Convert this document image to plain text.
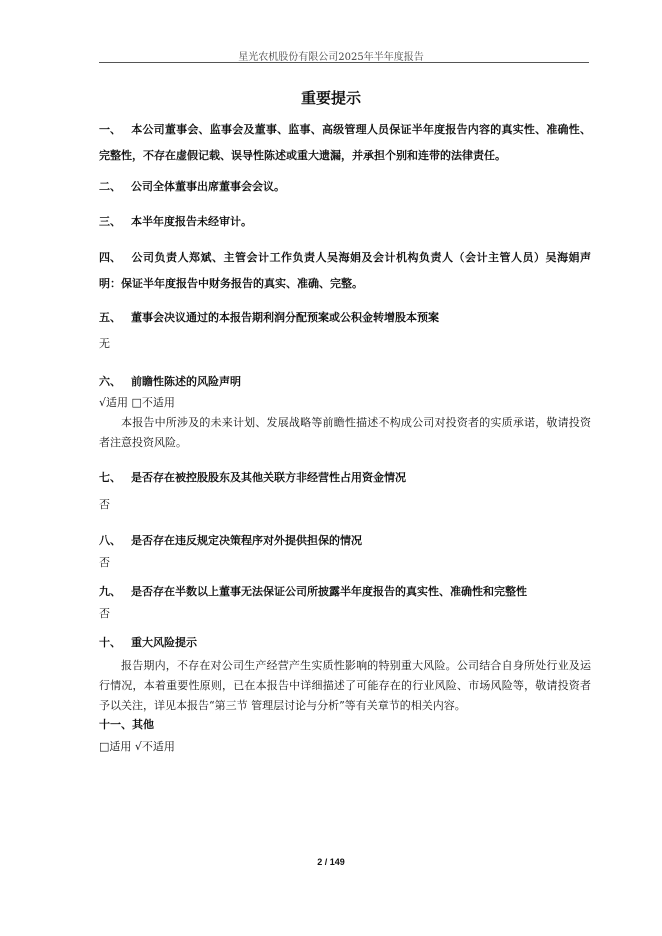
星光农机股份有限公司2025年半年度报告
重要提示
一、 本公司董事会、监事会及董事、监事、高级管理人员保证半年度报告内容的真实性、准确性、完整性，不存在虚假记载、误导性陈述或重大遗漏，并承担个别和连带的法律责任。
二、 公司全体董事出席董事会会议。
三、 本半年度报告未经审计。
四、 公司负责人郑斌、主管会计工作负责人吴海娟及会计机构负责人（会计主管人员）吴海娟声明：保证半年度报告中财务报告的真实、准确、完整。
五、 董事会决议通过的本报告期利润分配预案或公积金转增股本预案
无
六、 前瞻性陈述的风险声明
√适用 □不适用
本报告中所涉及的未来计划、发展战略等前瞻性描述不构成公司对投资者的实质承诺，敬请投资者注意投资风险。
七、 是否存在被控股股东及其他关联方非经营性占用资金情况
否
八、 是否存在违反规定决策程序对外提供担保的情况
否
九、 是否存在半数以上董事无法保证公司所披露半年度报告的真实性、准确性和完整性
否
十、 重大风险提示
报告期内，不存在对公司生产经营产生实质性影响的特别重大风险。公司结合自身所处行业及运行情况，本着重要性原则，已在本报告中详细描述了可能存在的行业风险、市场风险等，敬请投资者予以关注，详见本报告“第三节 管理层讨论与分析”等有关章节的相关内容。
十一、其他
□适用 √不适用
2 / 149
